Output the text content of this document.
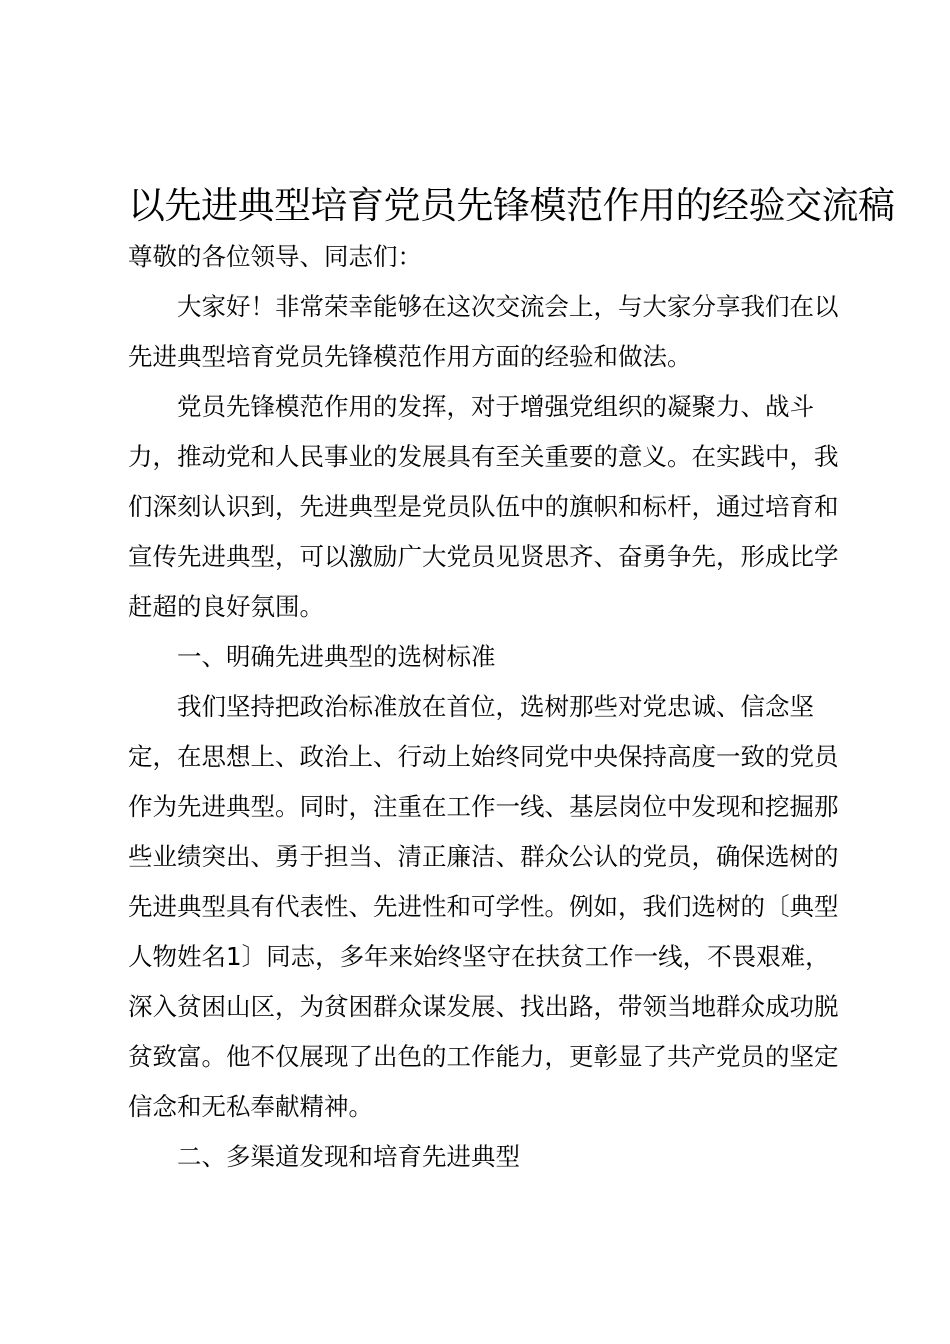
以先进典型培育党员先锋模范作用的经验交流稿

尊敬的各位领导、同志们：

大家好！非常荣幸能够在这次交流会上，与大家分享我们在以先进典型培育党员先锋模范作用方面的经验和做法。

党员先锋模范作用的发挥，对于增强党组织的凝聚力、战斗力，推动党和人民事业的发展具有至关重要的意义。在实践中，我们深刻认识到，先进典型是党员队伍中的旗帜和标杆，通过培育和宣传先进典型，可以激励广大党员见贤思齐、奋勇争先，形成比学赶超的良好氛围。

一、明确先进典型的选树标准

我们坚持把政治标准放在首位，选树那些对党忠诚、信念坚定，在思想上、政治上、行动上始终同党中央保持高度一致的党员作为先进典型。同时，注重在工作一线、基层岗位中发现和挖掘那些业绩突出、勇于担当、清正廉洁、群众公认的党员，确保选树的先进典型具有代表性、先进性和可学性。例如，我们选树的〔典型人物姓名1〕同志，多年来始终坚守在扶贫工作一线，不畏艰难，深入贫困山区，为贫困群众谋发展、找出路，带领当地群众成功脱贫致富。他不仅展现了出色的工作能力，更彰显了共产党员的坚定信念和无私奉献精神。

二、多渠道发现和培育先进典型
